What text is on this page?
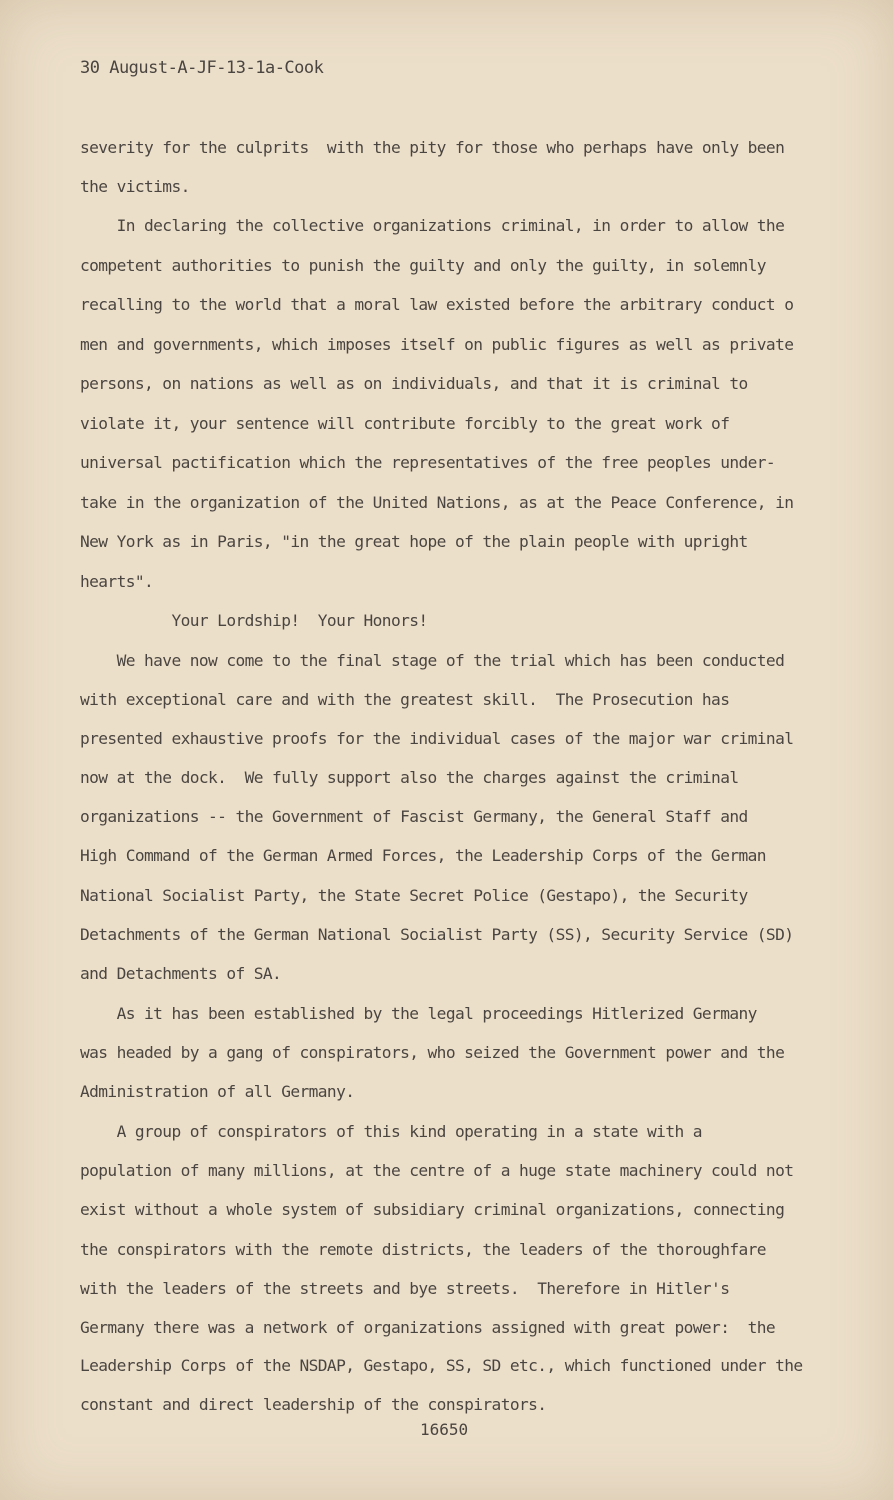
30 August-A-JF-13-1a-Cook
severity for the culprits  with the pity for those who perhaps have only been
the victims.
In declaring the collective organizations criminal, in order to allow the
competent authorities to punish the guilty and only the guilty, in solemnly
recalling to the world that a moral law existed before the arbitrary conduct o
men and governments, which imposes itself on public figures as well as private
persons, on nations as well as on individuals, and that it is criminal to
violate it, your sentence will contribute forcibly to the great work of
universal pactification which the representatives of the free peoples under-
take in the organization of the United Nations, as at the Peace Conference, in
New York as in Paris, "in the great hope of the plain people with upright
hearts".
Your Lordship!  Your Honors!
We have now come to the final stage of the trial which has been conducted
with exceptional care and with the greatest skill.  The Prosecution has
presented exhaustive proofs for the individual cases of the major war criminal
now at the dock.  We fully support also the charges against the criminal
organizations -- the Government of Fascist Germany, the General Staff and
High Command of the German Armed Forces, the Leadership Corps of the German
National Socialist Party, the State Secret Police (Gestapo), the Security
Detachments of the German National Socialist Party (SS), Security Service (SD)
and Detachments of SA.
As it has been established by the legal proceedings Hitlerized Germany
was headed by a gang of conspirators, who seized the Government power and the
Administration of all Germany.
A group of conspirators of this kind operating in a state with a
population of many millions, at the centre of a huge state machinery could not
exist without a whole system of subsidiary criminal organizations, connecting
the conspirators with the remote districts, the leaders of the thoroughfare
with the leaders of the streets and bye streets.  Therefore in Hitler's
Germany there was a network of organizations assigned with great power:  the
Leadership Corps of the NSDAP, Gestapo, SS, SD etc., which functioned under the
constant and direct leadership of the conspirators.
16650
